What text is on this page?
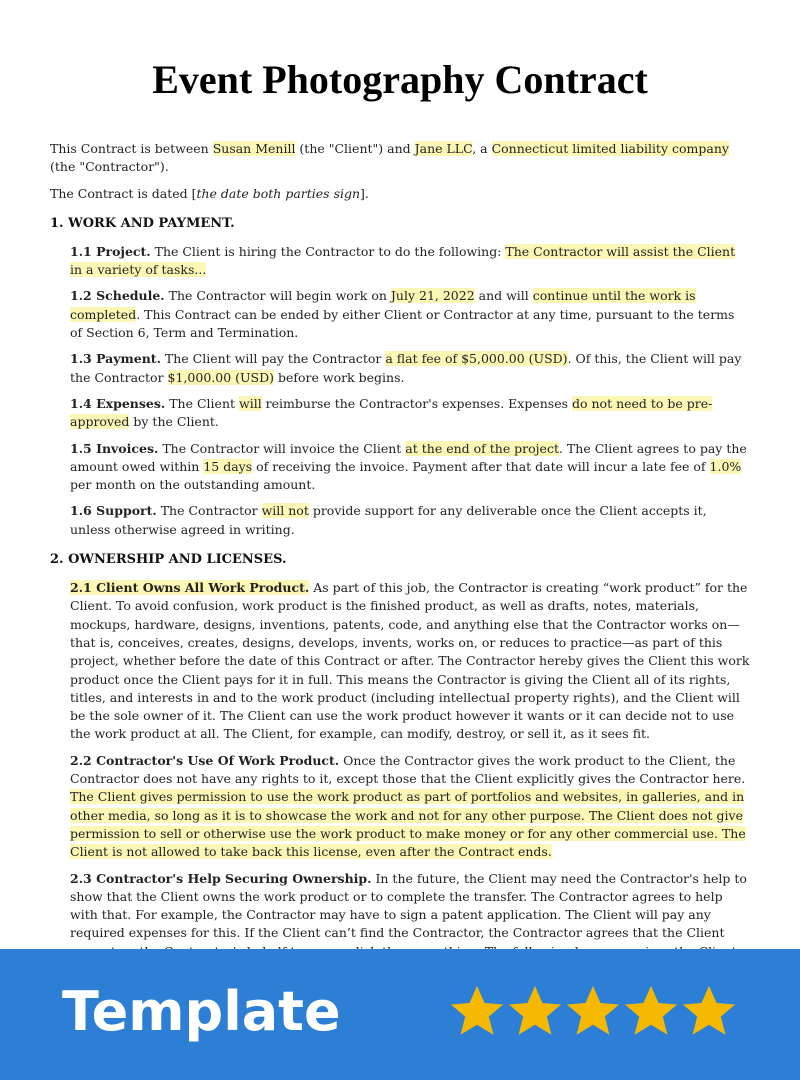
Event Photography Contract

This Contract is between Susan Menill (the "Client") and Jane LLC, a Connecticut limited liability company (the "Contractor").

The Contract is dated [the date both parties sign].

1. WORK AND PAYMENT.

1.1 Project. The Client is hiring the Contractor to do the following: The Contractor will assist the Client in a variety of tasks...

1.2 Schedule. The Contractor will begin work on July 21, 2022 and will continue until the work is completed. This Contract can be ended by either Client or Contractor at any time, pursuant to the terms of Section 6, Term and Termination.

1.3 Payment. The Client will pay the Contractor a flat fee of $5,000.00 (USD). Of this, the Client will pay the Contractor $1,000.00 (USD) before work begins.

1.4 Expenses. The Client will reimburse the Contractor's expenses. Expenses do not need to be pre-approved by the Client.

1.5 Invoices. The Contractor will invoice the Client at the end of the project. The Client agrees to pay the amount owed within 15 days of receiving the invoice. Payment after that date will incur a late fee of 1.0% per month on the outstanding amount.

1.6 Support. The Contractor will not provide support for any deliverable once the Client accepts it, unless otherwise agreed in writing.

2. OWNERSHIP AND LICENSES.

2.1 Client Owns All Work Product. As part of this job, the Contractor is creating “work product” for the Client. To avoid confusion, work product is the finished product, as well as drafts, notes, materials, mockups, hardware, designs, inventions, patents, code, and anything else that the Contractor works on—that is, conceives, creates, designs, develops, invents, works on, or reduces to practice—as part of this project, whether before the date of this Contract or after. The Contractor hereby gives the Client this work product once the Client pays for it in full. This means the Contractor is giving the Client all of its rights, titles, and interests in and to the work product (including intellectual property rights), and the Client will be the sole owner of it. The Client can use the work product however it wants or it can decide not to use the work product at all. The Client, for example, can modify, destroy, or sell it, as it sees fit.

2.2 Contractor's Use Of Work Product. Once the Contractor gives the work product to the Client, the Contractor does not have any rights to it, except those that the Client explicitly gives the Contractor here. The Client gives permission to use the work product as part of portfolios and websites, in galleries, and in other media, so long as it is to showcase the work and not for any other purpose. The Client does not give permission to sell or otherwise use the work product to make money or for any other commercial use. The Client is not allowed to take back this license, even after the Contract ends.

2.3 Contractor's Help Securing Ownership. In the future, the Client may need the Contractor's help to show that the Client owns the work product or to complete the transfer. The Contractor agrees to help with that. For example, the Contractor may have to sign a patent application. The Client will pay any required expenses for this. If the Client can’t find the Contractor, the Contractor agrees that the Client

Template
